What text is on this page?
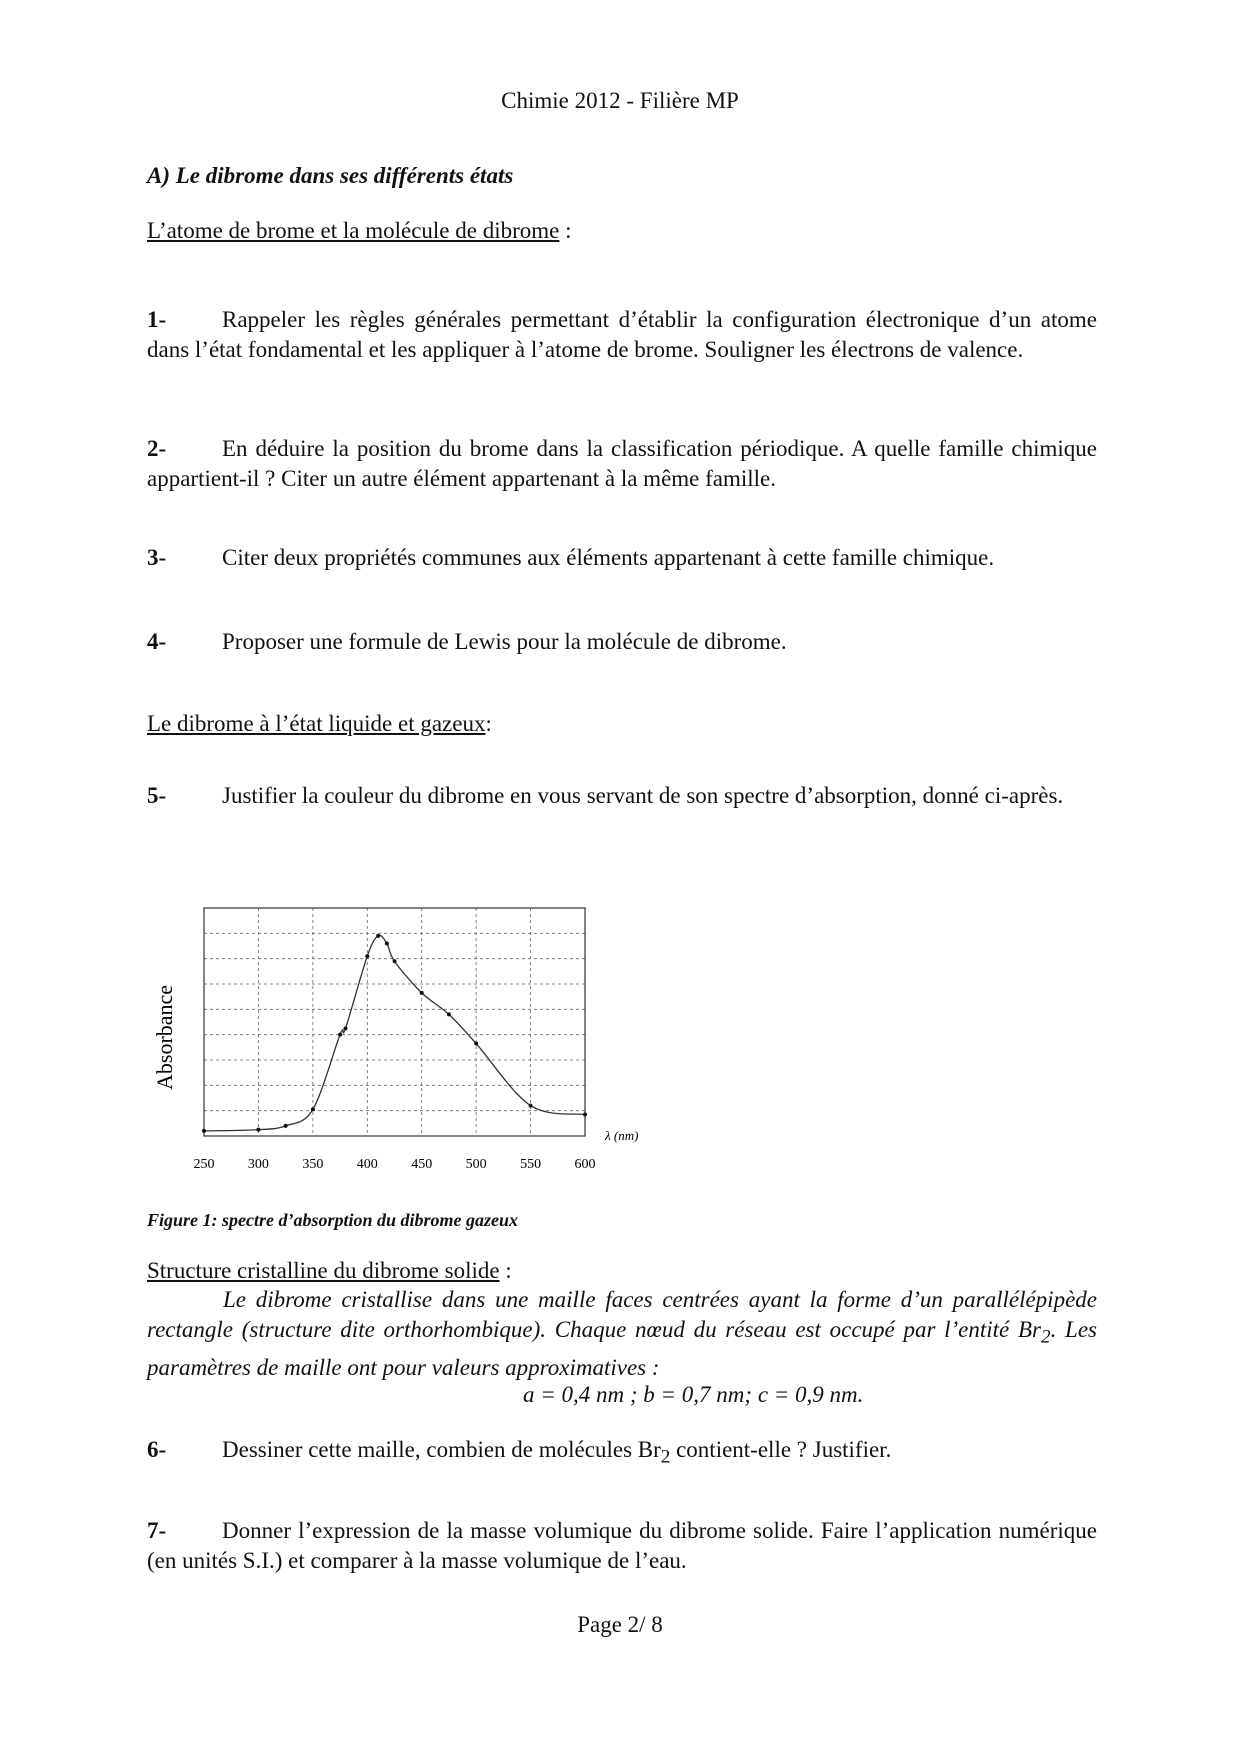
Chimie 2012 - Filière MP
A) Le dibrome dans ses différents états
L’atome de brome et la molécule de dibrome :
1- Rappeler les règles générales permettant d’établir la configuration électronique d’un atome dans l’état fondamental et les appliquer à l’atome de brome. Souligner les électrons de valence.
2- En déduire la position du brome dans la classification périodique. A quelle famille chimique appartient-il ? Citer un autre élément appartenant à la même famille.
3- Citer deux propriétés communes aux éléments appartenant à cette famille chimique.
4- Proposer une formule de Lewis pour la molécule de dibrome.
Le dibrome à l’état liquide et gazeux:
5- Justifier la couleur du dibrome en vous servant de son spectre d’absorption, donné ci-après.
250 300 350 400 450 500 550 600
λ (nm)
Absorbance
Figure 1: spectre d’absorption du dibrome gazeux
Structure cristalline du dibrome solide :
Le dibrome cristallise dans une maille faces centrées ayant la forme d’un parallélépipède rectangle (structure dite orthorhombique). Chaque nœud du réseau est occupé par l’entité $Br_2$. Les paramètres de maille ont pour valeurs approximatives :
a = 0,4 nm ; b = 0,7 nm; c = 0,9 nm.
6- Dessiner cette maille, combien de molécules $Br_2$ contient-elle ? Justifier.
7- Donner l’expression de la masse volumique du dibrome solide. Faire l’application numérique (en unités S.I.) et comparer à la masse volumique de l’eau.
Page 2/ 8
